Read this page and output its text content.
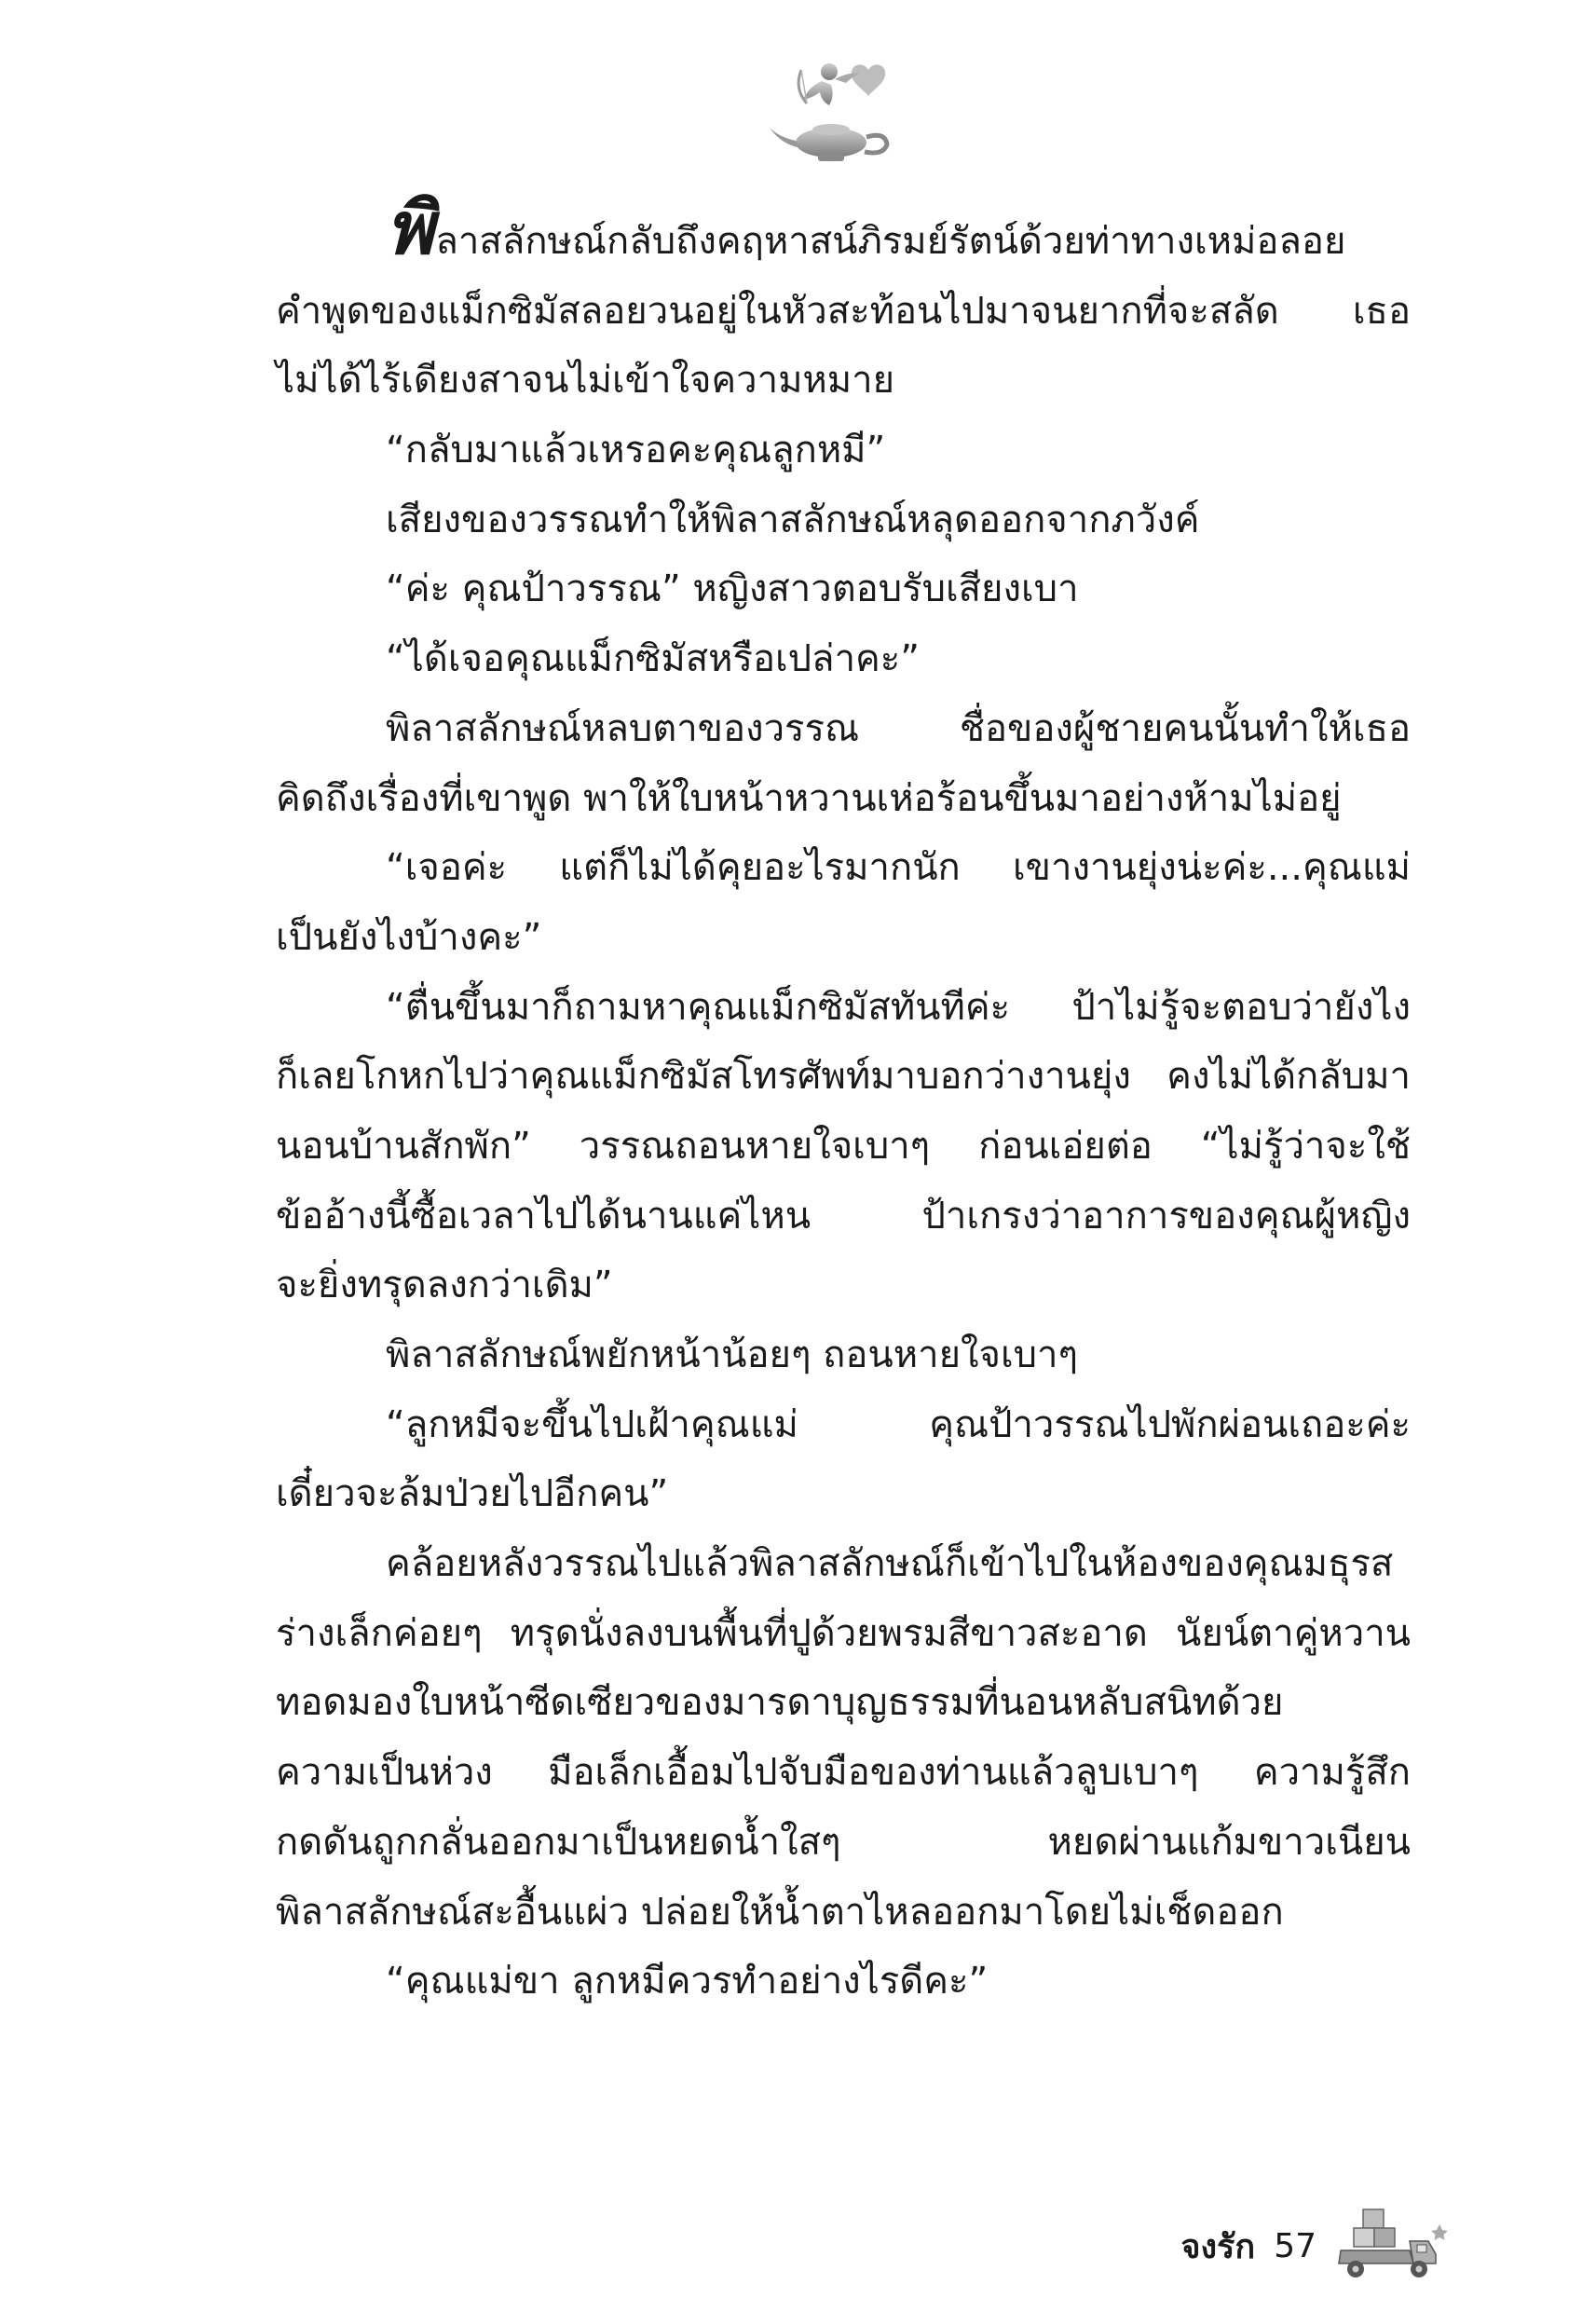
พิลาสลักษณ์กลับถึงคฤหาสน์ภิรมย์รัตน์ด้วยท่าทางเหม่อลอย
คำพูดของแม็กซิมัสลอยวนอยู่ในหัวสะท้อนไปมาจนยากที่จะสลัด เธอ
ไม่ได้ไร้เดียงสาจนไม่เข้าใจความหมาย
“กลับมาแล้วเหรอคะคุณลูกหมี”
เสียงของวรรณทำให้พิลาสลักษณ์หลุดออกจากภวังค์
“ค่ะ คุณป้าวรรณ” หญิงสาวตอบรับเสียงเบา
“ได้เจอคุณแม็กซิมัสหรือเปล่าคะ”
พิลาสลักษณ์หลบตาของวรรณ ชื่อของผู้ชายคนนั้นทำให้เธอ
คิดถึงเรื่องที่เขาพูด พาให้ใบหน้าหวานเห่อร้อนขึ้นมาอย่างห้ามไม่อยู่
“เจอค่ะ แต่ก็ไม่ได้คุยอะไรมากนัก เขางานยุ่งน่ะค่ะ...คุณแม่
เป็นยังไงบ้างคะ”
“ตื่นขึ้นมาก็ถามหาคุณแม็กซิมัสทันทีค่ะ ป้าไม่รู้จะตอบว่ายังไง
ก็เลยโกหกไปว่าคุณแม็กซิมัสโทรศัพท์มาบอกว่างานยุ่ง คงไม่ได้กลับมา
นอนบ้านสักพัก” วรรณถอนหายใจเบาๆ ก่อนเอ่ยต่อ “ไม่รู้ว่าจะใช้
ข้ออ้างนี้ซื้อเวลาไปได้นานแค่ไหน ป้าเกรงว่าอาการของคุณผู้หญิง
จะยิ่งทรุดลงกว่าเดิม”
พิลาสลักษณ์พยักหน้าน้อยๆ ถอนหายใจเบาๆ
“ลูกหมีจะขึ้นไปเฝ้าคุณแม่ คุณป้าวรรณไปพักผ่อนเถอะค่ะ
เดี๋ยวจะล้มป่วยไปอีกคน”
คล้อยหลังวรรณไปแล้วพิลาสลักษณ์ก็เข้าไปในห้องของคุณมธุรส
ร่างเล็กค่อยๆ ทรุดนั่งลงบนพื้นที่ปูด้วยพรมสีขาวสะอาด นัยน์ตาคู่หวาน
ทอดมองใบหน้าซีดเซียวของมารดาบุญธรรมที่นอนหลับสนิทด้วย
ความเป็นห่วง มือเล็กเอื้อมไปจับมือของท่านแล้วลูบเบาๆ ความรู้สึก
กดดันถูกกลั่นออกมาเป็นหยดน้ำใสๆ หยดผ่านแก้มขาวเนียน
พิลาสลักษณ์สะอื้นแผ่ว ปล่อยให้น้ำตาไหลออกมาโดยไม่เช็ดออก
“คุณแม่ขา ลูกหมีควรทำอย่างไรดีคะ”
จงรัก 57
